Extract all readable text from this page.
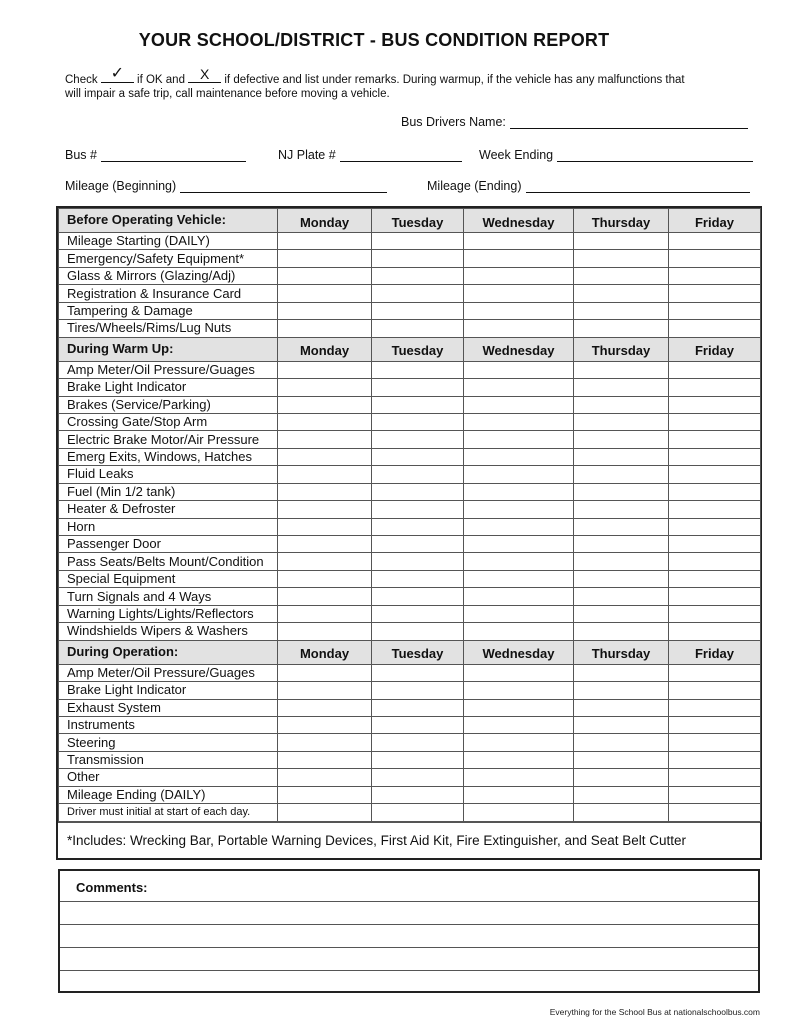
YOUR SCHOOL/DISTRICT - BUS CONDITION REPORT
Check ✓	if OK and	X	if defective and list under remarks. During warmup, if the vehicle has any malfunctions that
will impair a safe trip, call maintenance before moving a vehicle.
Bus Drivers Name:
Bus #	NJ Plate #	Week Ending
Mileage (Beginning)	Mileage (Ending)
Before Operating Vehicle:	Monday	Tuesday	Wednesday	Thursday	Friday
Mileage Starting (DAILY)					
Emergency/Safety Equipment*					
Glass & Mirrors (Glazing/Adj)					
Registration & Insurance Card					
Tampering & Damage					
Tires/Wheels/Rims/Lug Nuts					
During Warm Up:	Monday	Tuesday	Wednesday	Thursday	Friday
Amp Meter/Oil Pressure/Guages					
Brake Light Indicator					
Brakes (Service/Parking)					
Crossing Gate/Stop Arm					
Electric Brake Motor/Air Pressure					
Emerg Exits, Windows, Hatches					
Fluid Leaks					
Fuel (Min 1/2 tank)					
Heater & Defroster					
Horn					
Passenger Door					
Pass Seats/Belts Mount/Condition					
Special Equipment					
Turn Signals and 4 Ways					
Warning Lights/Lights/Reflectors					
Windshields Wipers & Washers					
During Operation:	Monday	Tuesday	Wednesday	Thursday	Friday
Amp Meter/Oil Pressure/Guages					
Brake Light Indicator					
Exhaust System					
Instruments					
Steering					
Transmission					
Other					
Mileage Ending (DAILY)					
Driver must initial at start of each day.					
*Includes: Wrecking Bar, Portable Warning Devices, First Aid Kit, Fire Extinguisher, and Seat Belt Cutter
Comments:
Everything for the School Bus at nationalschoolbus.com
